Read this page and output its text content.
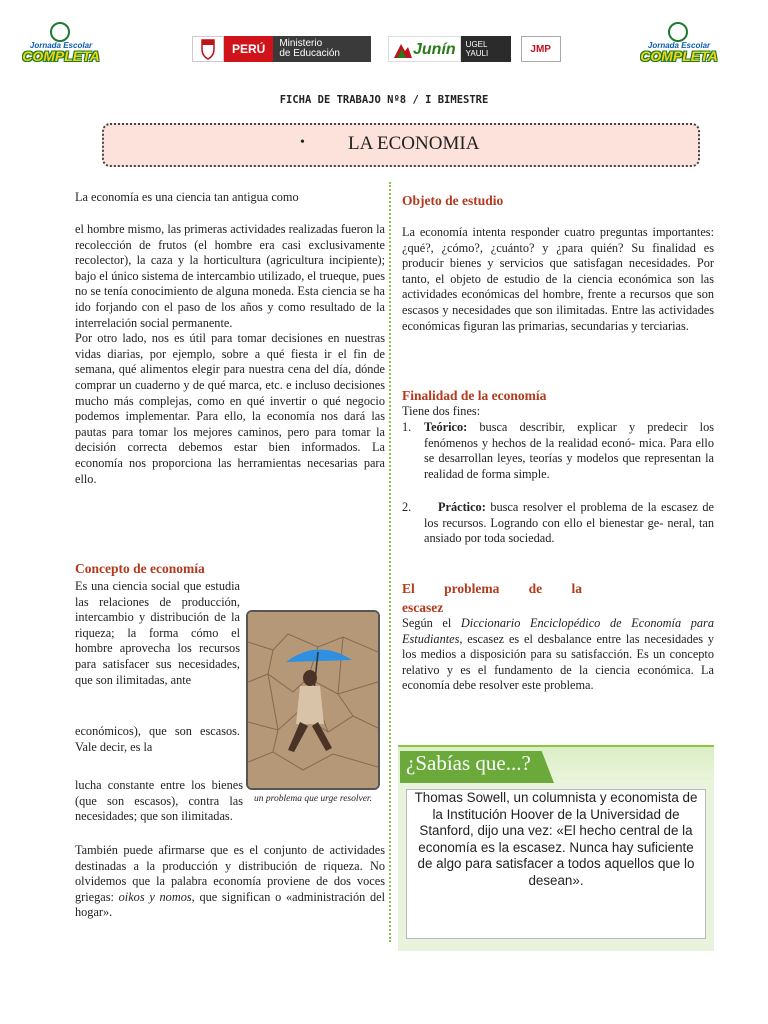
Jornada Escolar
COMPLETA
Jornada Escolar
COMPLETA
PERÚ	Ministerio
de Educación	Junín	UGEL
YAULI	JMP
FICHA DE TRABAJO Nº8 / I BIMESTRE
• LA ECONOMIA

La economía es una ciencia tan antigua como

el hombre mismo, las primeras actividades realizadas fueron la recolección de frutos (el hombre era casi exclusivamente recolector), la caza y la horticultura (agricultura incipiente); bajo el único sistema de intercambio utilizado, el trueque, pues no se tenía conocimiento de alguna moneda. Esta ciencia se ha ido forjando con el paso de los años y como resultado de la interrelación social permanente.

Por otro lado, nos es útil para tomar decisiones en nuestras vidas diarias, por ejemplo, sobre a qué fiesta ir el fin de semana, qué alimentos elegir para nuestra cena del día, dónde comprar un cuaderno y de qué marca, etc. e incluso decisiones mucho más complejas, como en qué invertir o qué negocio podemos implementar. Para ello, la economía nos dará las pautas para tomar los mejores caminos, pero para tomar la decisión correcta debemos estar bien informados. La economía nos proporciona las herramientas necesarias para ello.

Concepto de economía
Es una ciencia social que estudia las relaciones de producción, intercambio y distribución de la riqueza; la forma cómo el hombre aprovecha los recursos para satisfacer sus necesidades, que son ilimitadas, ante
económicos), que son escasos. Vale decir, es la
lucha constante entre los bienes (que son escasos), contra las necesidades; que son ilimitadas.
También puede afirmarse que es el conjunto de actividades destinadas a la producción y distribución de riqueza. No olvidemos que la palabra economía proviene de dos voces griegas: oikos y nomos, que significan o «administración del hogar».
un problema que urge resolver.
Objeto de estudio
La economía intenta responder cuatro preguntas importantes: ¿qué?, ¿cómo?, ¿cuánto? y ¿para quién? Su finalidad es producir bienes y servicios que satisfagan necesidades. Por tanto, el objeto de estudio de la ciencia económica son las actividades económicas del hombre, frente a recursos que son escasos y necesidades que son ilimitadas. Entre las actividades económicas figuran las primarias, secundarias y terciarias.
Finalidad de la economía
Tiene dos fines:
1.	Teórico: busca describir, explicar y predecir los fenómenos y hechos de la realidad econó- mica. Para ello se desarrollan leyes, teorías y modelos que representan la realidad de forma simple.
2.	Práctico: busca resolver el problema de la escasez de los recursos. Logrando con ello el bienestar ge- neral, tan ansiado por toda sociedad.
El problema de la
escasez
Según el Diccionario Enciclopédico de Economía para Estudiantes, escasez es el desbalance entre las necesidades y los medios a disposición para su satisfacción. Es un concepto relativo y es el fundamento de la ciencia económica. La economía debe resolver este problema.
¿Sabías que...?
Thomas Sowell, un columnista y economista de la Institución Hoover de la Universidad de Stanford, dijo una vez: «El hecho central de la economía es la escasez. Nunca hay suficiente de algo para satisfacer a todos aquellos que lo desean».
